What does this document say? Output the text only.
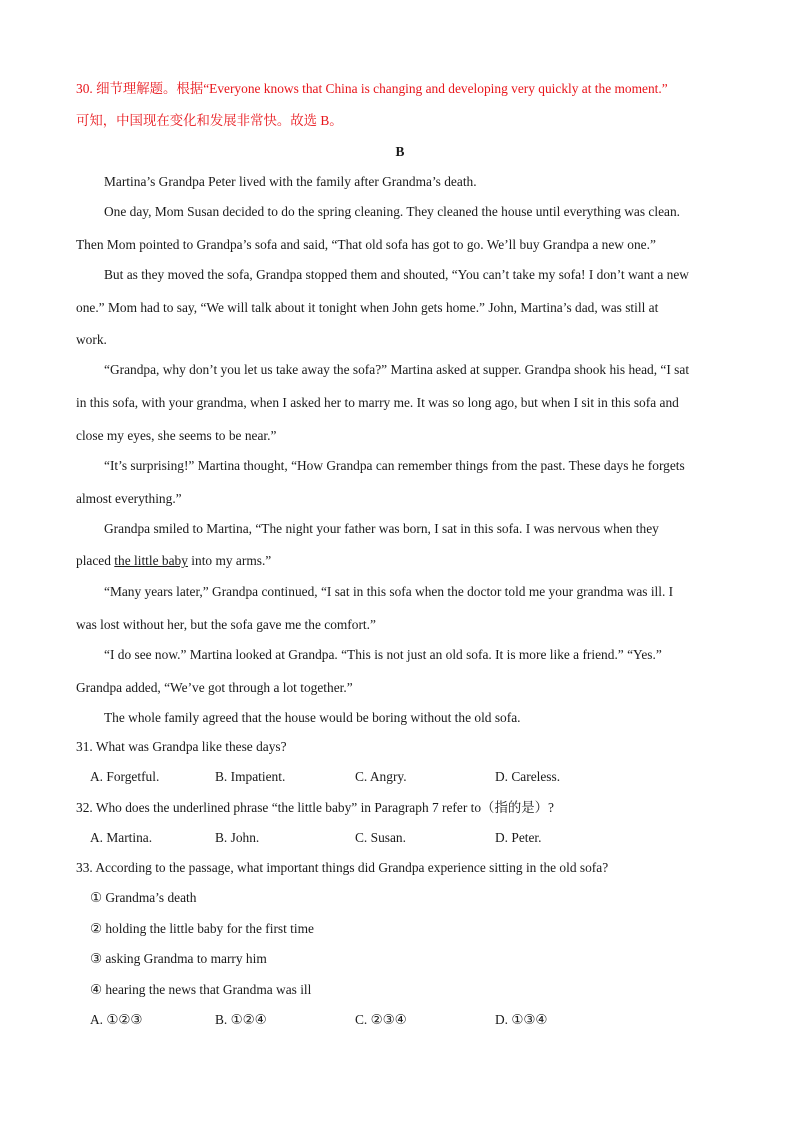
30. 细节理解题。根据“Everyone knows that China is changing and developing very quickly at the moment.”
可知，中国现在变化和发展非常快。故选 B。
B
Martina’s Grandpa Peter lived with the family after Grandma’s death.
One day, Mom Susan decided to do the spring cleaning. They cleaned the house until everything was clean.
Then Mom pointed to Grandpa’s sofa and said, “That old sofa has got to go. We’ll buy Grandpa a new one.”
But as they moved the sofa, Grandpa stopped them and shouted, “You can’t take my sofa! I don’t want a new
one.” Mom had to say, “We will talk about it tonight when John gets home.” John, Martina’s dad, was still at
work.
“Grandpa, why don’t you let us take away the sofa?” Martina asked at supper. Grandpa shook his head, “I sat
in this sofa, with your grandma, when I asked her to marry me. It was so long ago, but when I sit in this sofa and
close my eyes, she seems to be near.”
“It’s surprising!” Martina thought, “How Grandpa can remember things from the past. These days he forgets
almost everything.”
Grandpa smiled to Martina, “The night your father was born, I sat in this sofa. I was nervous when they
placed the little baby into my arms.”
“Many years later,” Grandpa continued, “I sat in this sofa when the doctor told me your grandma was ill. I
was lost without her, but the sofa gave me the comfort.”
“I do see now.” Martina looked at Grandpa. “This is not just an old sofa. It is more like a friend.” “Yes.”
Grandpa added, “We’ve got through a lot together.”
The whole family agreed that the house would be boring without the old sofa.
31. What was Grandpa like these days?
A. Forgetful.	B. Impatient.	C. Angry.	D. Careless.
32. Who does the underlined phrase “the little baby” in Paragraph 7 refer to（指的是）?
A. Martina.	B. John.	C. Susan.	D. Peter.
33. According to the passage, what important things did Grandpa experience sitting in the old sofa?
① Grandma’s death
② holding the little baby for the first time
③ asking Grandma to marry him
④ hearing the news that Grandma was ill
A. ①②③	B. ①②④	C. ②③④	D. ①③④
